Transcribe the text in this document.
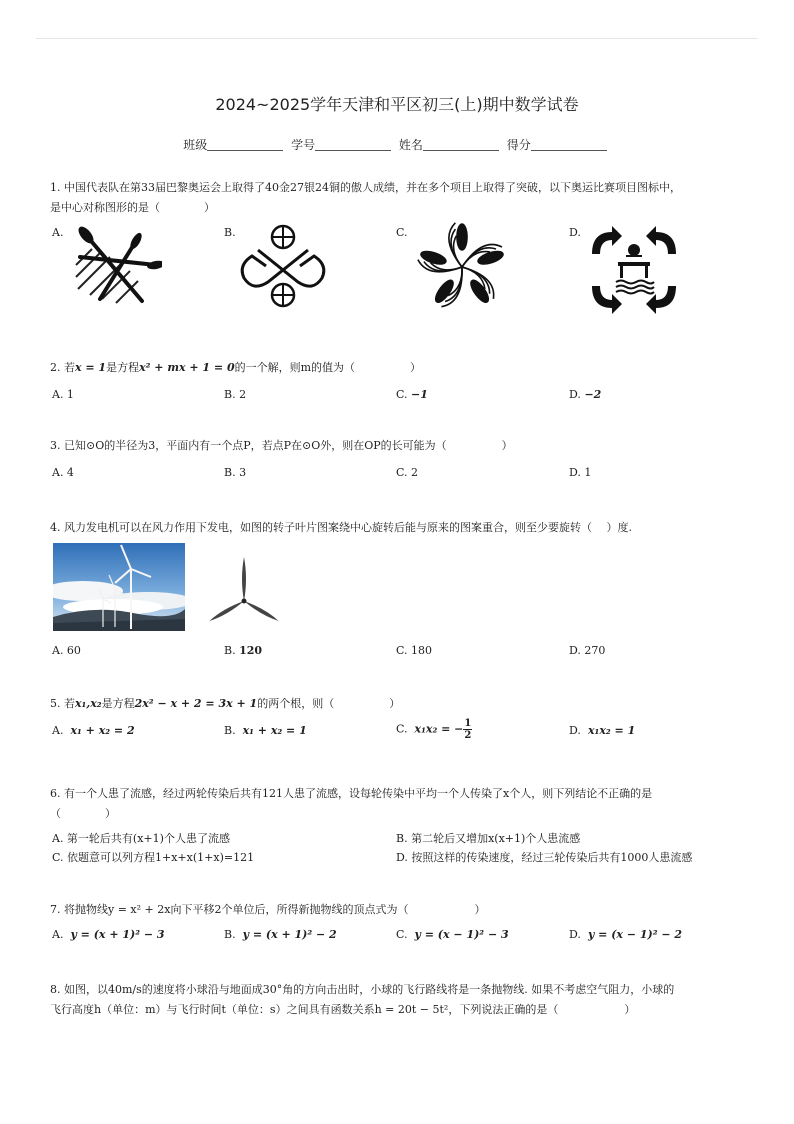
2024~2025学年天津和平区初三(上)期中数学试卷
班级	学号	姓名	得分
1. 中国代表队在第33届巴黎奥运会上取得了40金27银24铜的傲人成绩，并在多个项目上取得了突破，以下奥运比赛项目图标中，
是中心对称图形的是（　　　　）
A.	B.	C.	D.
2. 若x = 1是方程x² + mx + 1 = 0的一个解，则m的值为（　　　　　）
A. 1	B. 2	C. −1	D. −2
3. 已知⊙O的半径为3，平面内有一个点P，若点P在⊙O外，则在OP的长可能为（　　　　　）
A. 4	B. 3	C. 2	D. 1
4. 风力发电机可以在风力作用下发电，如图的转子叶片图案绕中心旋转后能与原来的图案重合，则至少要旋转（　 ）度.
A. 60	B. 120	C. 180	D. 270
5. 若x₁,x₂是方程2x² − x + 2 = 3x + 1的两个根，则（　　　　　）
A. x₁ + x₂ = 2	B. x₁ + x₂ = 1	C. x₁x₂ = − $\frac{1}{2}$	D. x₁x₂ = 1
6. 有一个人患了流感，经过两轮传染后共有121人患了流感，设每轮传染中平均一个人传染了x个人，则下列结论不正确的是
（　　　　）
A. 第一轮后共有(x+1)个人患了流感	B. 第二轮后又增加x(x+1)个人患流感
C. 依题意可以列方程1+x+x(1+x)=121	D. 按照这样的传染速度，经过三轮传染后共有1000人患流感
7. 将抛物线y = x² + 2x向下平移2个单位后，所得新抛物线的顶点式为（　　　　　　）
A. y = (x + 1)² − 3	B. y = (x + 1)² − 2	C. y = (x − 1)² − 3	D. y = (x − 1)² − 2
8. 如图，以40m/s的速度将小球沿与地面成30°角的方向击出时，小球的飞行路线将是一条抛物线. 如果不考虑空气阻力，小球的
飞行高度h（单位：m）与飞行时间t（单位：s）之间具有函数关系h = 20t − 5t²，下列说法正确的是（　　　　　　）
